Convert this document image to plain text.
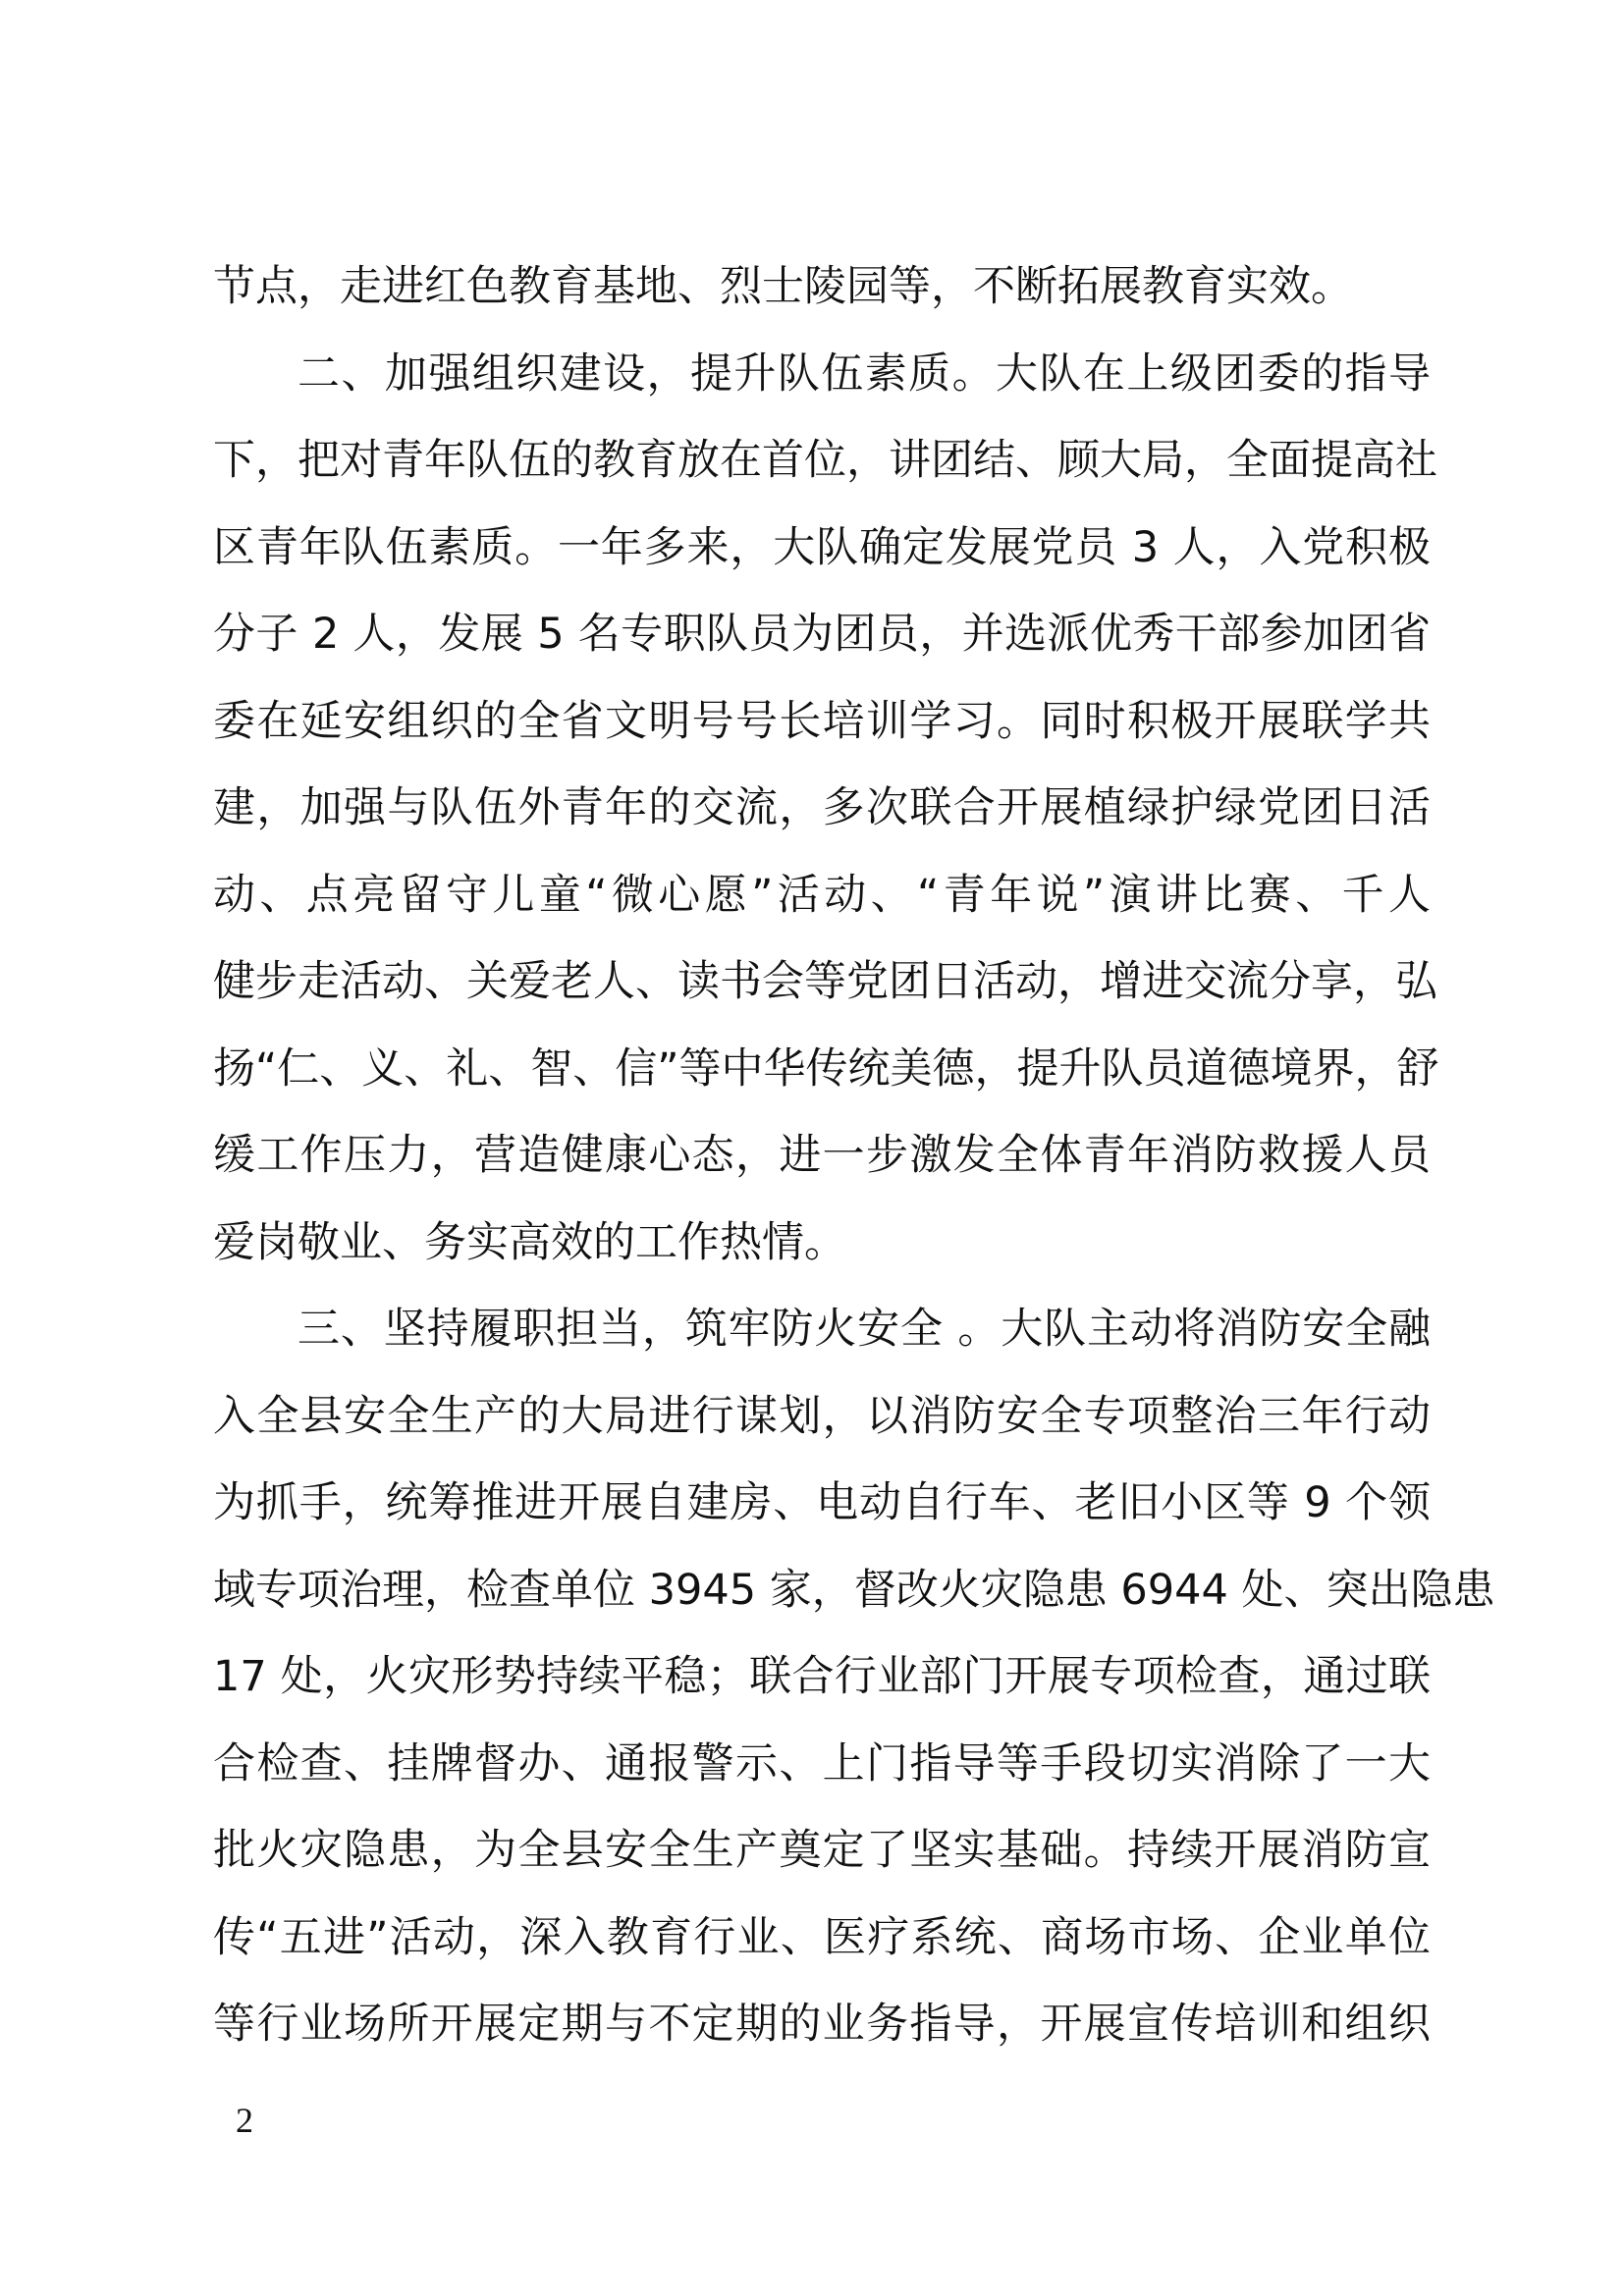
节点，走进红色教育基地、烈士陵园等，不断拓展教育实效。
二、加强组织建设，提升队伍素质。大队在上级团委的指导
下，把对青年队伍的教育放在首位，讲团结、顾大局，全面提高社
区青年队伍素质。一年多来，大队确定发展党员 3 人，入党积极
分子 2 人，发展 5 名专职队员为团员，并选派优秀干部参加团省
委在延安组织的全省文明号号长培训学习。同时积极开展联学共
建，加强与队伍外青年的交流，多次联合开展植绿护绿党团日活
动、点亮留守儿童“微心愿”活动、“青年说”演讲比赛、千人
健步走活动、关爱老人、读书会等党团日活动，增进交流分享，弘
扬“仁、义、礼、智、信”等中华传统美德，提升队员道德境界，舒
缓工作压力，营造健康心态，进一步激发全体青年消防救援人员
爱岗敬业、务实高效的工作热情。
三、坚持履职担当，筑牢防火安全 。大队主动将消防安全融
入全县安全生产的大局进行谋划，以消防安全专项整治三年行动
为抓手，统筹推进开展自建房、电动自行车、老旧小区等 9 个领
域专项治理，检查单位 3945 家，督改火灾隐患 6944 处、突出隐患
17 处，火灾形势持续平稳；联合行业部门开展专项检查，通过联
合检查、挂牌督办、通报警示、上门指导等手段切实消除了一大
批火灾隐患，为全县安全生产奠定了坚实基础。持续开展消防宣
传“五进”活动，深入教育行业、医疗系统、商场市场、企业单位
等行业场所开展定期与不定期的业务指导，开展宣传培训和组织
2
